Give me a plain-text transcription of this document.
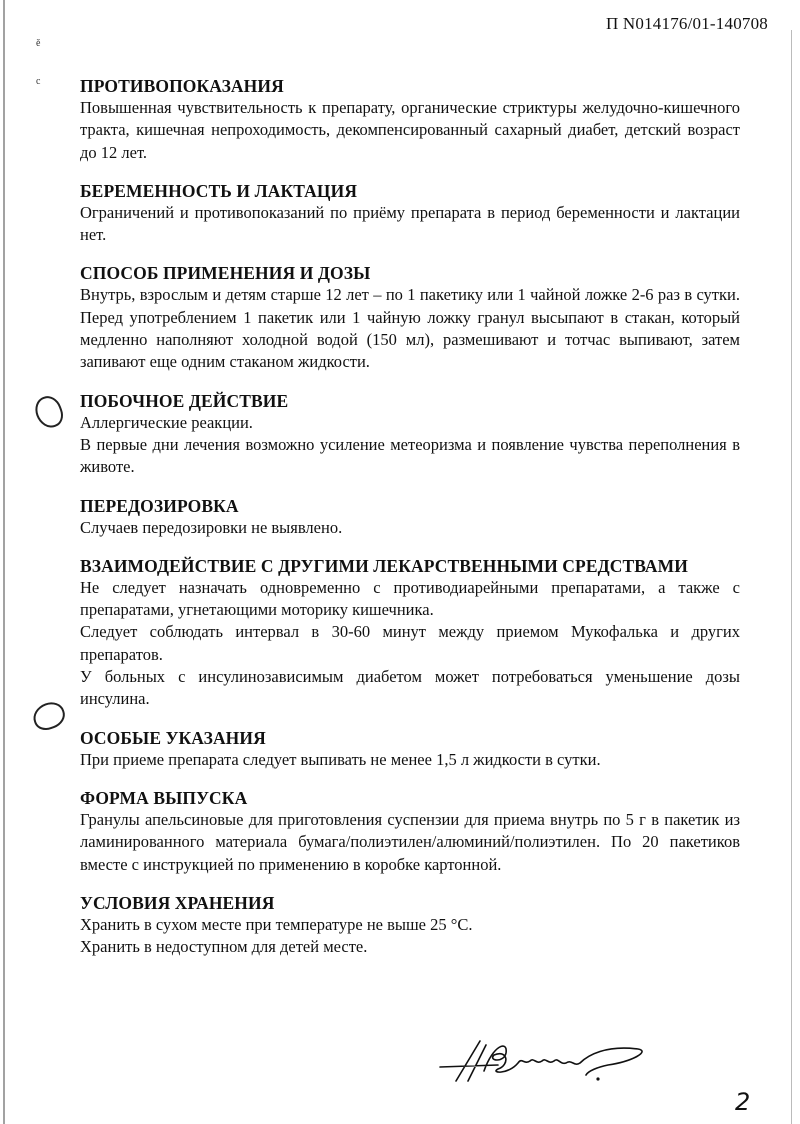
ě
c
П N014176/01-140708
ПРОТИВОПОКАЗАНИЯ

Повышенная чувствительность к препарату, органические стриктуры желудочно-кишечного тракта, кишечная непроходимость, декомпенсированный сахарный диабет, детский возраст до 12 лет.

БЕРЕМЕННОСТЬ И ЛАКТАЦИЯ

Ограничений и противопоказаний по приёму препарата в период беременности и лактации нет.

СПОСОБ ПРИМЕНЕНИЯ И ДОЗЫ

Внутрь, взрослым и детям старше 12 лет – по 1 пакетику или 1 чайной ложке 2-6 раз в сутки. Перед употреблением 1 пакетик или 1 чайную ложку гранул высыпают в стакан, который медленно наполняют холодной водой (150 мл), размешивают и тотчас выпивают, затем запивают еще одним стаканом жидкости.

ПОБОЧНОЕ ДЕЙСТВИЕ

Аллергические реакции.

В первые дни лечения возможно усиление метеоризма и появление чувства переполнения в животе.

ПЕРЕДОЗИРОВКА

Случаев передозировки не выявлено.

ВЗАИМОДЕЙСТВИЕ С ДРУГИМИ ЛЕКАРСТВЕННЫМИ СРЕДСТВАМИ

Не следует назначать одновременно с противодиарейными препаратами, а также с препаратами, угнетающими моторику кишечника.

Следует соблюдать интервал в 30-60 минут между приемом Мукофалька и других препаратов.

У больных с инсулинозависимым диабетом может потребоваться уменьшение дозы инсулина.

ОСОБЫЕ УКАЗАНИЯ

При приеме препарата следует выпивать не менее 1,5 л жидкости в сутки.

ФОРМА ВЫПУСКА

Гранулы апельсиновые для приготовления суспензии для приема внутрь по 5 г в пакетик из ламинированного материала бумага/полиэтилен/алюминий/полиэтилен. По 20 пакетиков вместе с инструкцией по применению в коробке картонной.

УСЛОВИЯ ХРАНЕНИЯ

Хранить в сухом месте при температуре не выше 25 °C.

Хранить в недоступном для детей месте.

2
